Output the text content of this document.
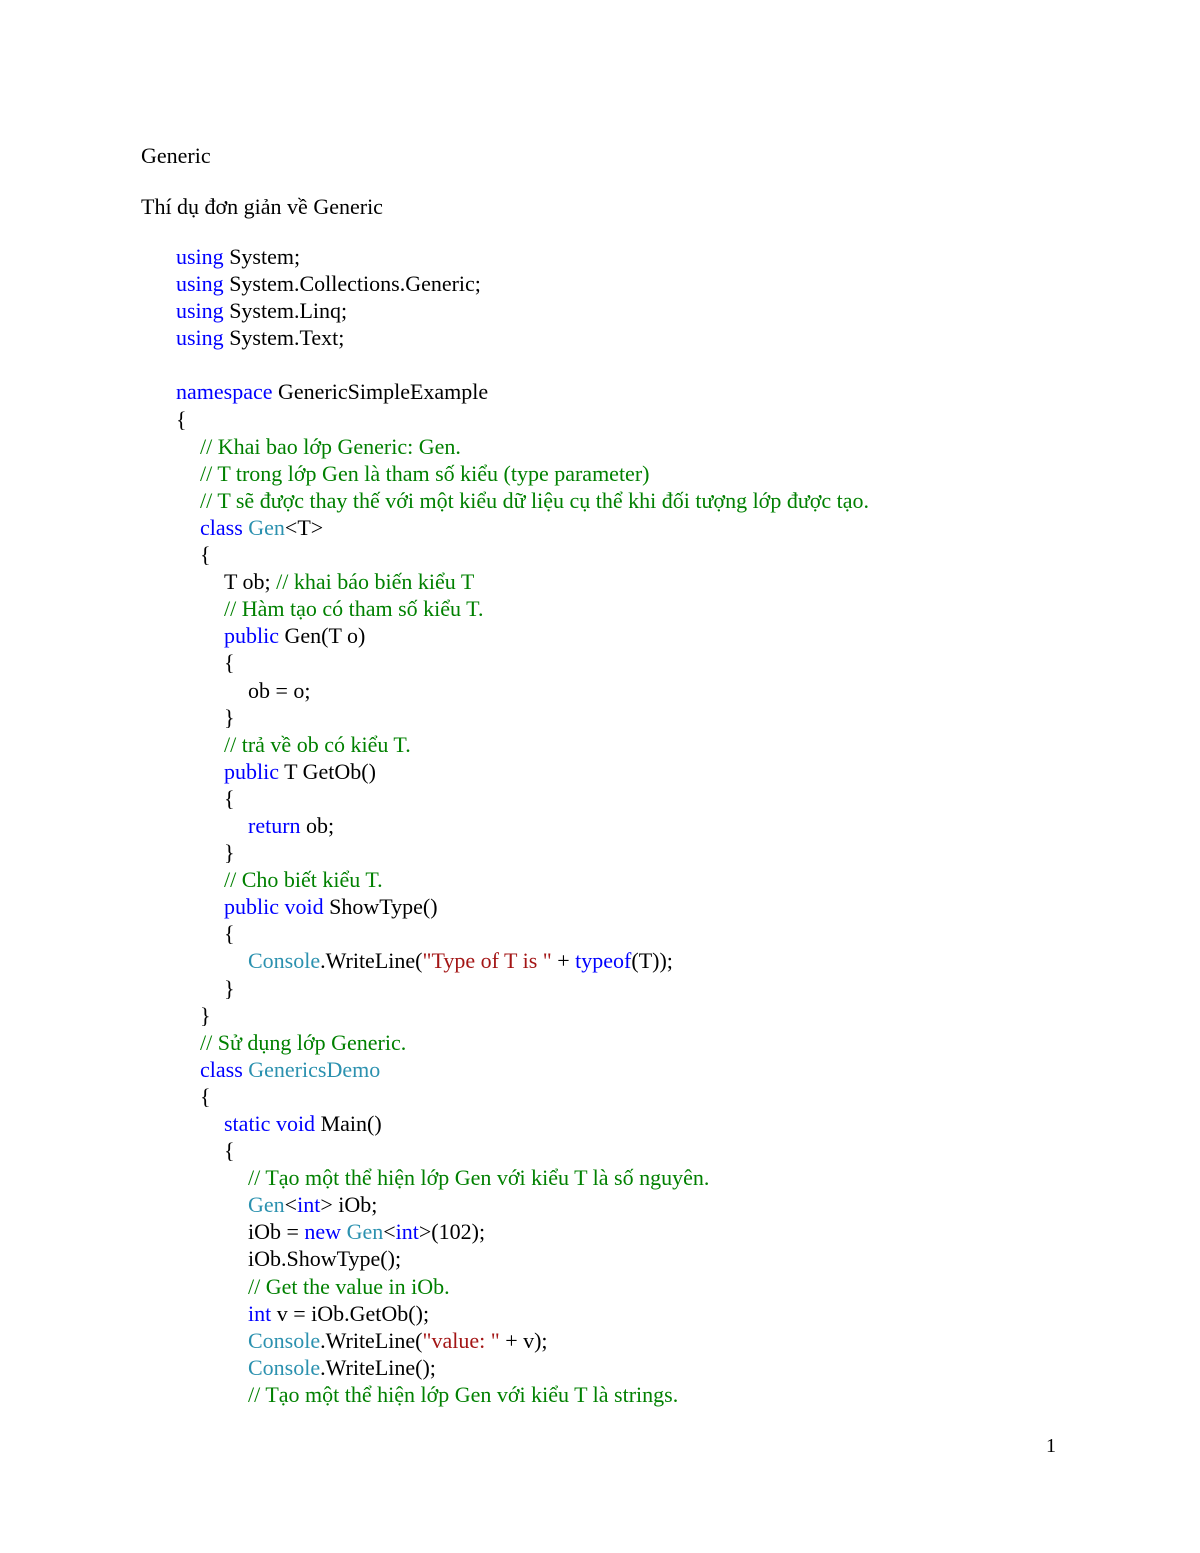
Generic
Thí dụ đơn giản về Generic
using System;
using System.Collections.Generic;
using System.Linq;
using System.Text;
namespace GenericSimpleExample
{
// Khai bao lớp Generic: Gen.
// T trong lớp Gen là tham số kiểu (type parameter)
// T sẽ được thay thế với một kiểu dữ liệu cụ thể khi đối tượng lớp được tạo.
class Gen<T>
{
T ob; // khai báo biến kiểu T
// Hàm tạo có tham số kiểu T.
public Gen(T o)
{
ob = o;
}
// trả về ob có kiểu T.
public T GetOb()
{
return ob;
}
// Cho biết kiểu T.
public void ShowType()
{
Console.WriteLine("Type of T is " + typeof(T));
}
}
// Sử dụng lớp Generic.
class GenericsDemo
{
static void Main()
{
// Tạo một thể hiện lớp Gen với kiểu T là số nguyên.
Gen<int> iOb;
iOb = new Gen<int>(102);
iOb.ShowType();
// Get the value in iOb.
int v = iOb.GetOb();
Console.WriteLine("value: " + v);
Console.WriteLine();
// Tạo một thể hiện lớp Gen với kiểu T là strings.
1
